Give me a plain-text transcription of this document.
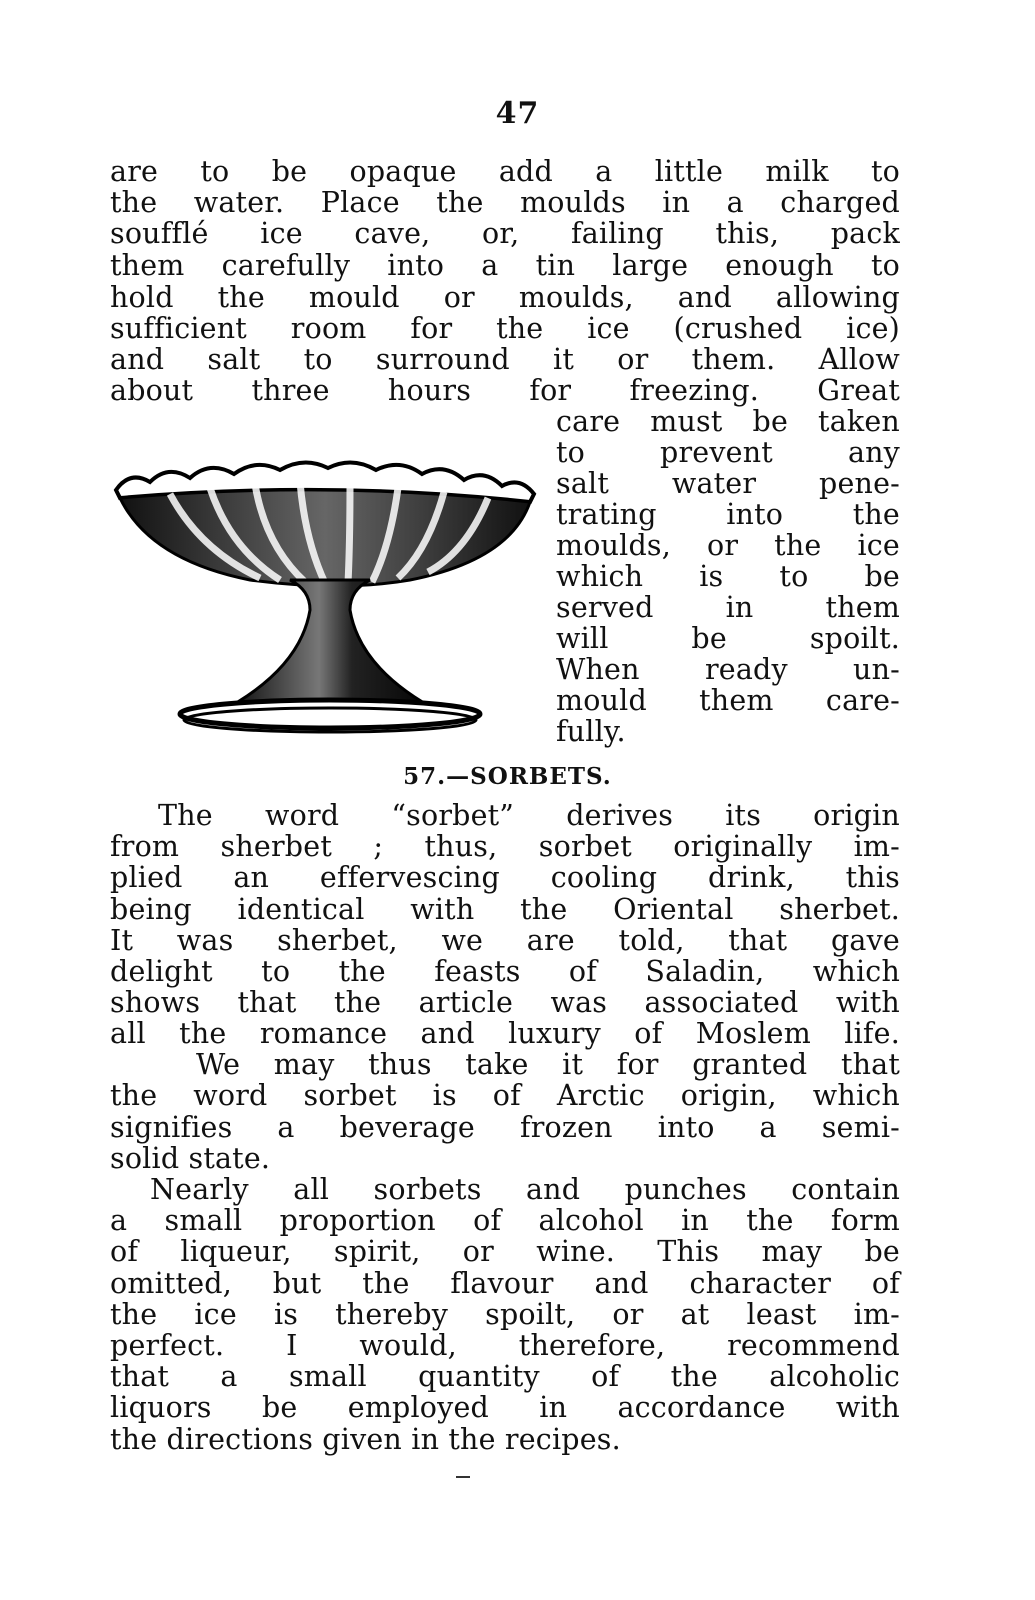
47
are to be opaque add a little milk to
the water. Place the moulds in a charged
soufflé ice cave, or, failing this, pack
them carefully into a tin large enough to
hold the mould or moulds, and allowing
sufficient room for the ice (crushed ice)
and salt to surround it or them. Allow
about three hours for freezing. Great
care must be taken
to prevent any
salt water pene-
trating into the
moulds, or the ice
which is to be
served in them
will be spoilt.
When ready un-
mould them care-
fully.
57.—SORBETS.
The word “sorbet” derives its origin
from sherbet ; thus, sorbet originally im-
plied an effervescing cooling drink, this
being identical with the Oriental sherbet.
It was sherbet, we are told, that gave
delight to the feasts of Saladin, which
shows that the article was associated with
all the romance and luxury of Moslem life.
We may thus take it for granted that
the word sorbet is of Arctic origin, which
signifies a beverage frozen into a semi-
solid state.
Nearly all sorbets and punches contain
a small proportion of alcohol in the form
of liqueur, spirit, or wine. This may be
omitted, but the flavour and character of
the ice is thereby spoilt, or at least im-
perfect. I would, therefore, recommend
that a small quantity of the alcoholic
liquors be employed in accordance with
the directions given in the recipes.
